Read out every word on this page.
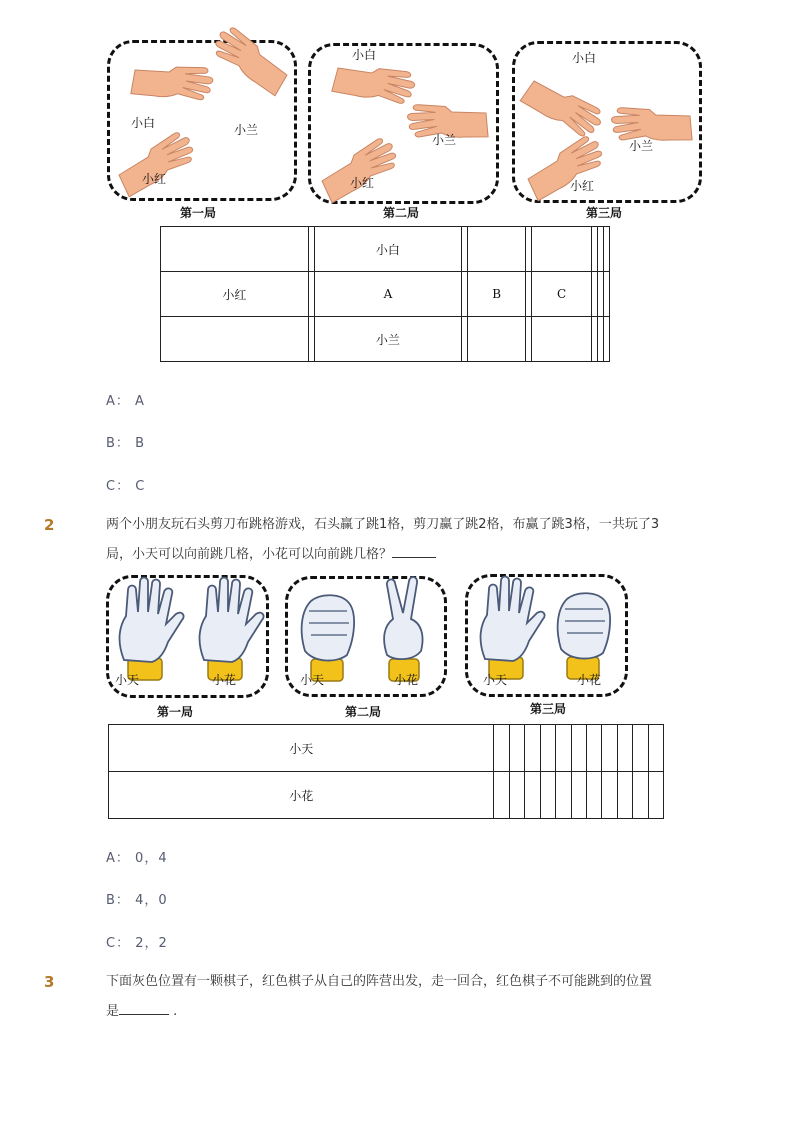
小白	小兰
小红
第一局
小白
小兰
小红
第二局
小白
小兰
小红
第三局
		小白							
小红		A		B		C			
		小兰							
A： A
B： B
C： C
2	两个小朋友玩石头剪刀布跳格游戏，石头赢了跳1格，剪刀赢了跳2格，布赢了跳3格，一共玩了3
局，小天可以向前跳几格，小花可以向前跳几格？
小天	小花
第一局
小天	小花
第二局
小天	小花
第三局
小天											
小花											
A： 0，4
B： 4，0
C： 2，2
3	下面灰色位置有一颗棋子，红色棋子从自己的阵营出发，走一回合，红色棋子不可能跳到的位置
是	.
